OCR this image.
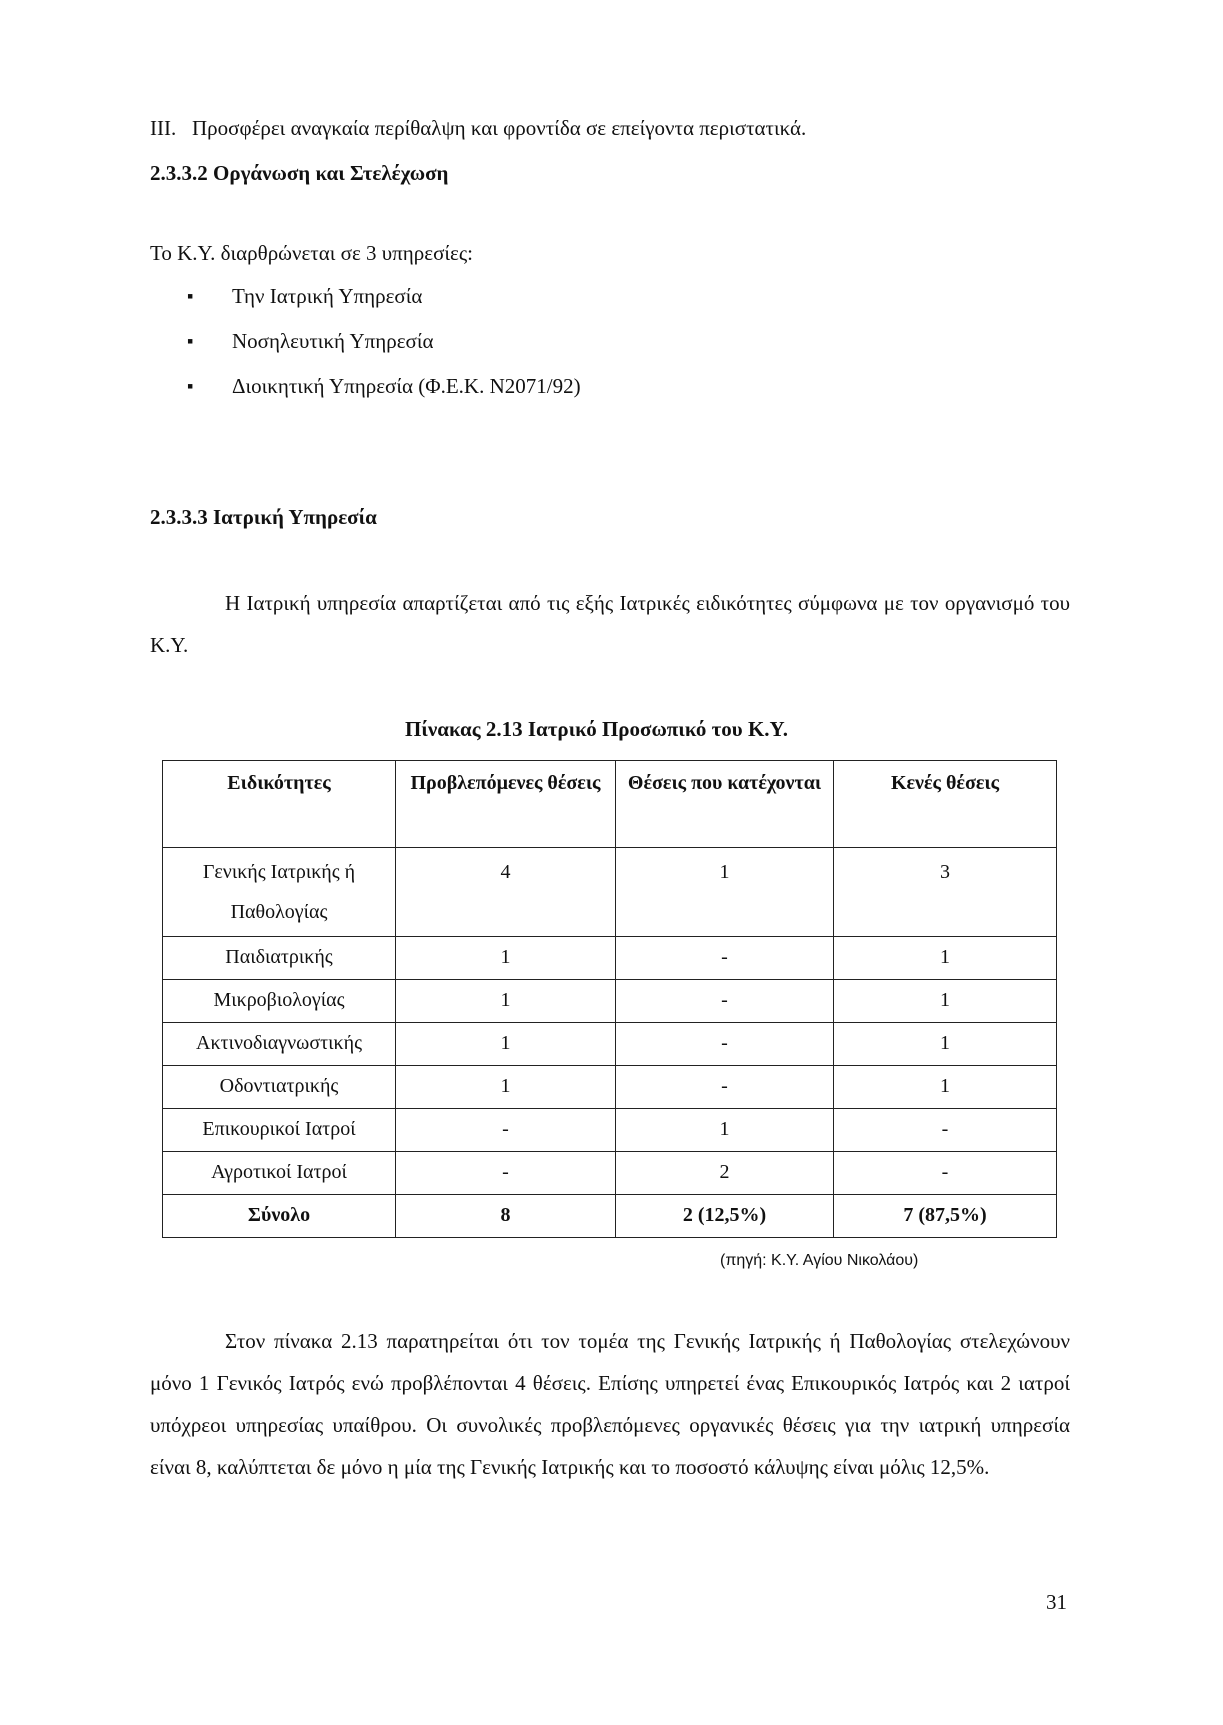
III.   Προσφέρει αναγκαία περίθαλψη και φροντίδα σε επείγοντα περιστατικά.
2.3.3.2 Οργάνωση και Στελέχωση
Το Κ.Υ. διαρθρώνεται σε 3 υπηρεσίες:
▪ Την Ιατρική Υπηρεσία
▪ Νοσηλευτική Υπηρεσία
▪ Διοικητική Υπηρεσία (Φ.Ε.Κ. Ν2071/92)
2.3.3.3 Ιατρική Υπηρεσία
Η Ιατρική υπηρεσία απαρτίζεται από τις εξής Ιατρικές ειδικότητες σύμφωνα με τον οργανισμό του Κ.Υ.
Πίνακας 2.13 Ιατρικό Προσωπικό του Κ.Υ.
Ειδικότητες	Προβλεπόμενες θέσεις	Θέσεις που κατέχονται	Κενές θέσεις
Γενικής Ιατρικής ή Παθολογίας	4	1	3
Παιδιατρικής	1	-	1
Μικροβιολογίας	1	-	1
Ακτινοδιαγνωστικής	1	-	1
Οδοντιατρικής	1	-	1
Επικουρικοί Ιατροί	-	1	-
Αγροτικοί Ιατροί	-	2	-
Σύνολο	8	2 (12,5%)	7 (87,5%)
(πηγή: Κ.Υ. Αγίου Νικολάου)
Στον πίνακα 2.13 παρατηρείται ότι τον τομέα της Γενικής Ιατρικής ή Παθολογίας στελεχώνουν μόνο 1 Γενικός Ιατρός ενώ προβλέπονται 4 θέσεις. Επίσης υπηρετεί ένας Επικουρικός Ιατρός και 2 ιατροί υπόχρεοι υπηρεσίας υπαίθρου. Οι συνολικές προβλεπόμενες οργανικές θέσεις για την ιατρική υπηρεσία είναι 8, καλύπτεται δε μόνο η μία της Γενικής Ιατρικής και το ποσοστό κάλυψης είναι μόλις 12,5%.
31
